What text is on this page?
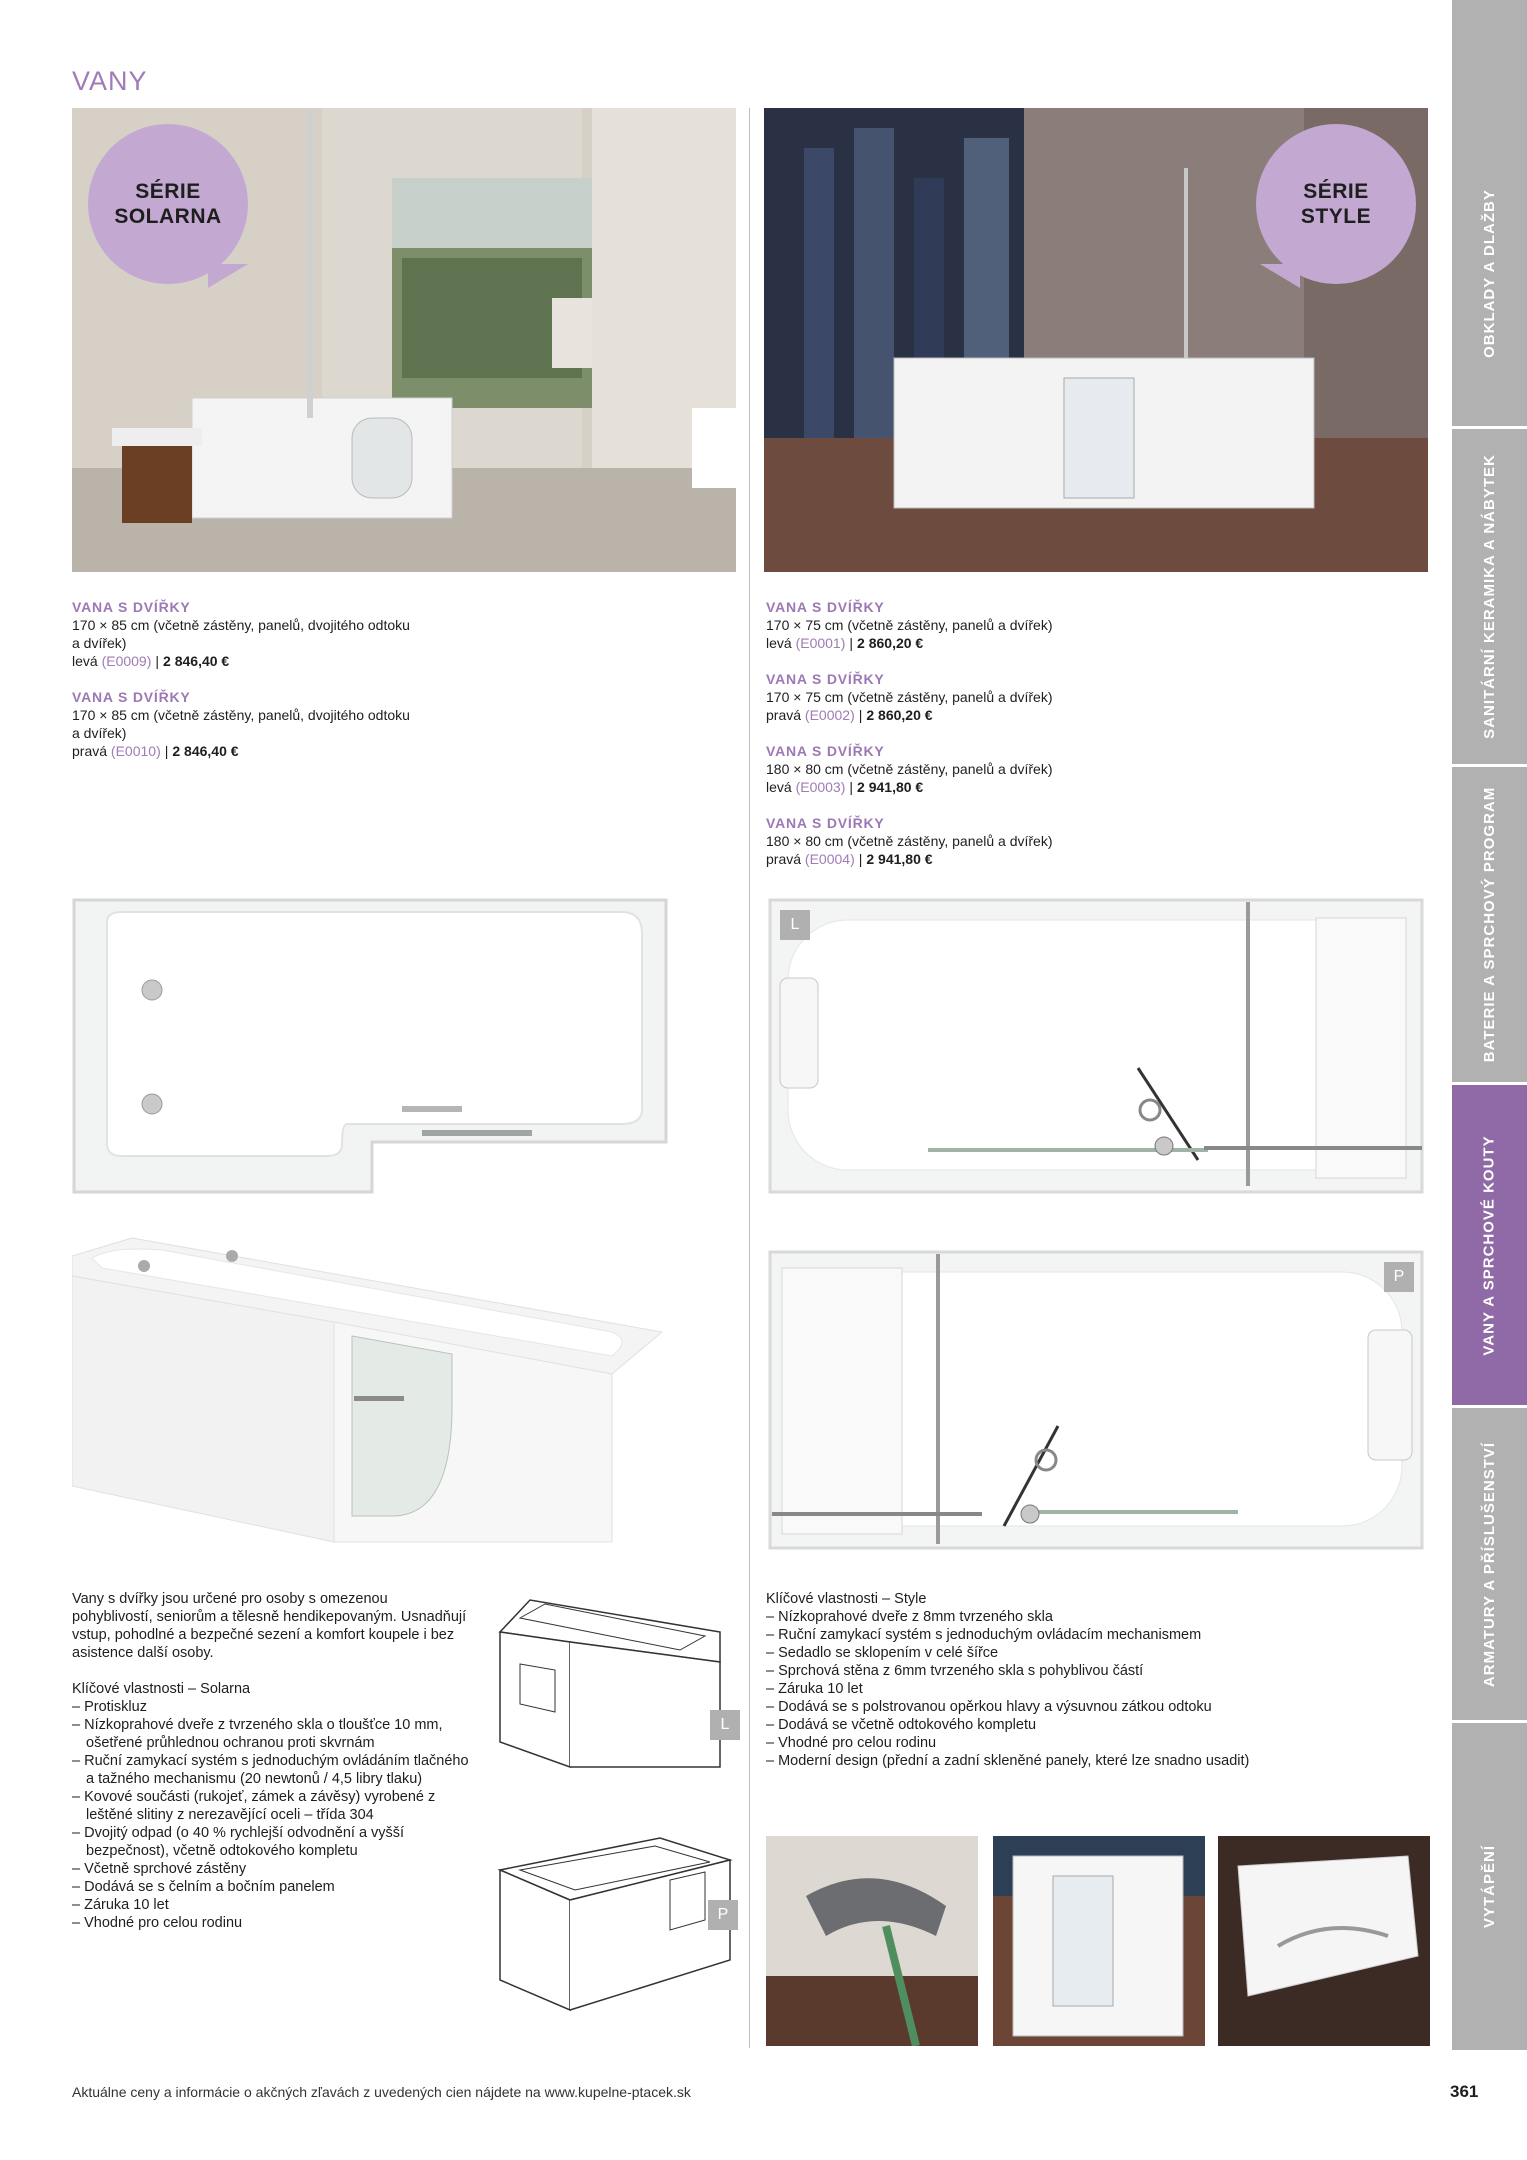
VANY
SÉRIE
SOLARNA
SÉRIE
STYLE
VANA S DVÍŘKY
170 × 85 cm (včetně zástěny, panelů, dvojitého odtoku a dvířek)
levá (E0009) | 2 846,40 €
VANA S DVÍŘKY
170 × 85 cm (včetně zástěny, panelů, dvojitého odtoku a dvířek)
pravá (E0010) | 2 846,40 €
VANA S DVÍŘKY
170 × 75 cm (včetně zástěny, panelů a dvířek)
levá (E0001) | 2 860,20 €
VANA S DVÍŘKY
170 × 75 cm (včetně zástěny, panelů a dvířek)
pravá (E0002) | 2 860,20 €
VANA S DVÍŘKY
180 × 80 cm (včetně zástěny, panelů a dvířek)
levá (E0003) | 2 941,80 €
VANA S DVÍŘKY
180 × 80 cm (včetně zástěny, panelů a dvířek)
pravá (E0004) | 2 941,80 €
L
P
Vany s dvířky jsou určené pro osoby s omezenou pohyblivostí, seniorům a tělesně hendikepovaným. Usnadňují vstup, pohodlné a bezpečné sezení a komfort koupele i bez asistence další osoby.
Klíčové vlastnosti – Solarna
– Protiskluz
– Nízkoprahové dveře z tvrzeného skla o tloušťce 10 mm, ošetřené průhlednou ochranou proti skvrnám
– Ruční zamykací systém s jednoduchým ovládáním tlačného a tažného mechanismu (20 newtonů / 4,5 libry tlaku)
– Kovové součásti (rukojeť, zámek a závěsy) vyrobené z leštěné slitiny z nerezavějící oceli – třída 304
– Dvojitý odpad (o 40 % rychlejší odvodnění a vyšší bezpečnost), včetně odtokového kompletu
– Včetně sprchové zástěny
– Dodává se s čelním a bočním panelem
– Záruka 10 let
– Vhodné pro celou rodinu
L
P
Klíčové vlastnosti – Style
– Nízkoprahové dveře z 8mm tvrzeného skla
– Ruční zamykací systém s jednoduchým ovládacím mechanismem
– Sedadlo se sklopením v celé šířce
– Sprchová stěna z 6mm tvrzeného skla s pohyblivou částí
– Záruka 10 let
– Dodává se s polstrovanou opěrkou hlavy a výsuvnou zátkou odtoku
– Dodává se včetně odtokového kompletu
– Vhodné pro celou rodinu
– Moderní design (přední a zadní skleněné panely, které lze snadno usadit)
Aktuálne ceny a informácie o akčných zľavách z uvedených cien nájdete na www.kupelne-ptacek.sk	361
OBKLADY A DLAŽBY
SANITÁRNÍ KERAMIKA A NÁBYTEK
BATERIE A SPRCHOVÝ PROGRAM
VANY A SPRCHOVÉ KOUTY
ARMATURY A PŘÍSLUŠENSTVÍ
VYTÁPĚNÍ
